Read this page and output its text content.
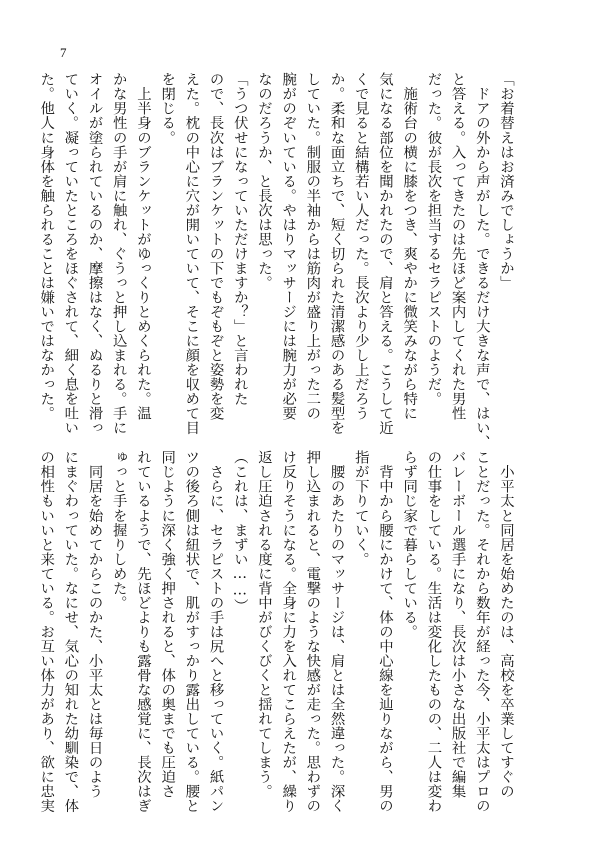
7
「お着替えはお済みでしょうか」
　ドアの外から声がした。できるだけ大きな声で、はい、
と答える。入ってきたのは先ほど案内してくれた男性
だった。彼が長次を担当するセラピストのようだ。
　施術台の横に膝をつき、爽やかに微笑みながら特に
気になる部位を聞かれたので、肩と答える。こうして近
くで見ると結構若い人だった。長次より少し上だろう
か。柔和な面立ちで、短く切られた清潔感のある髪型を
していた。制服の半袖からは筋肉が盛り上がった二の
腕がのぞいている。やはりマッサージには腕力が必要
なのだろうか、と長次は思った。
「うつ伏せになっていただけますか？」と言われた
ので、長次はブランケットの下でもぞもぞと姿勢を変
えた。枕の中心に穴が開いていて、そこに顔を収めて目
を閉じる。
　上半身のブランケットがゆっくりとめくられた。温
かな男性の手が肩に触れ、ぐうっと押し込まれる。手に
オイルが塗られているのか、摩擦はなく、ぬるりと滑っ
ていく。凝っていたところをほぐされて、細く息を吐い
た。他人に身体を触られることは嫌いではなかった。
　小平太と同居を始めたのは、高校を卒業してすぐの
ことだった。それから数年が経った今、小平太はプロの
バレーボール選手になり、長次は小さな出版社で編集
の仕事をしている。生活は変化したものの、二人は変わ
らず同じ家で暮らしている。
　背中から腰にかけて、体の中心線を辿りながら、男の
指が下りていく。
　腰のあたりのマッサージは、肩とは全然違った。深く
押し込まれると、電撃のような快感が走った。思わずの
け反りそうになる。全身に力を入れてこらえたが、繰り
返し圧迫される度に背中がびくびくと揺れてしまう。
（これは、まずい……）
　さらに、セラピストの手は尻へと移っていく。紙パン
ツの後ろ側は紐状で、肌がすっかり露出している。腰と
同じように深く強く押されると、体の奥までも圧迫さ
れているようで、先ほどよりも露骨な感覚に、長次はぎ
ゅっと手を握りしめた。
　同居を始めてからこのかた、小平太とは毎日のよう
にまぐわっていた。なにせ、気心の知れた幼馴染で、体
の相性もいいと来ている。お互い体力があり、欲に忠実
